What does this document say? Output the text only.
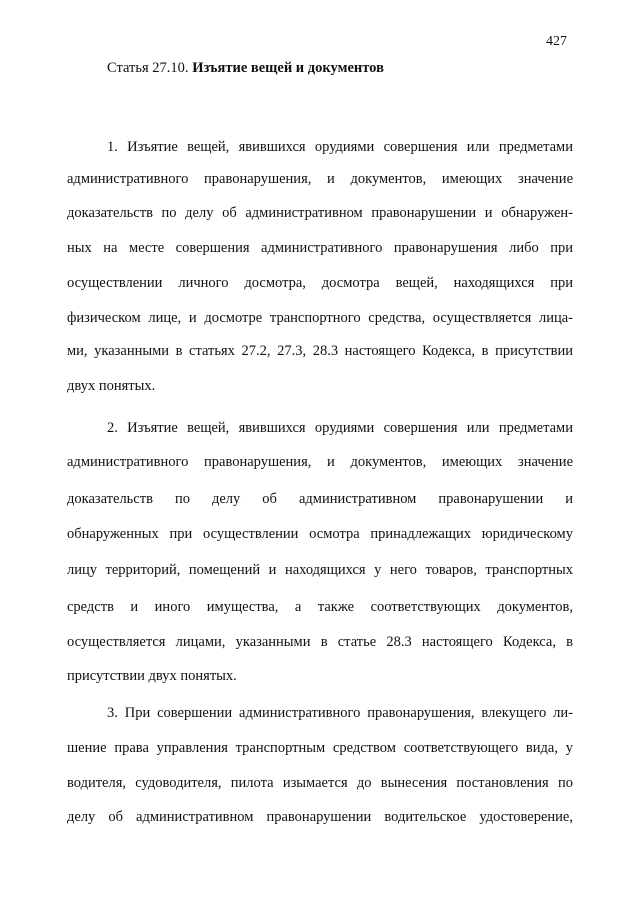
427
Статья 27.10. Изъятие вещей и документов
1. Изъятие вещей, явившихся орудиями совершения или предметами
административного правонарушения, и документов, имеющих значение
доказательств по делу об административном правонарушении и обнаружен-
ных на месте совершения административного правонарушения либо при
осуществлении личного досмотра, досмотра вещей, находящихся при
физическом лице, и досмотре транспортного средства, осуществляется лица-
ми, указанными в статьях 27.2, 27.3, 28.3 настоящего Кодекса, в присутствии
двух понятых.
2. Изъятие вещей, явившихся орудиями совершения или предметами
административного правонарушения, и документов, имеющих значение
доказательств по делу об административном правонарушении и
обнаруженных при осуществлении осмотра принадлежащих юридическому
лицу территорий, помещений и находящихся у него товаров, транспортных
средств и иного имущества, а также соответствующих документов,
осуществляется лицами, указанными в статье 28.3 настоящего Кодекса, в
присутствии двух понятых.
3. При совершении административного правонарушения, влекущего ли-
шение права управления транспортным средством соответствующего вида, у
водителя, судоводителя, пилота изымается до вынесения постановления по
делу об административном правонарушении водительское удостоверение,
